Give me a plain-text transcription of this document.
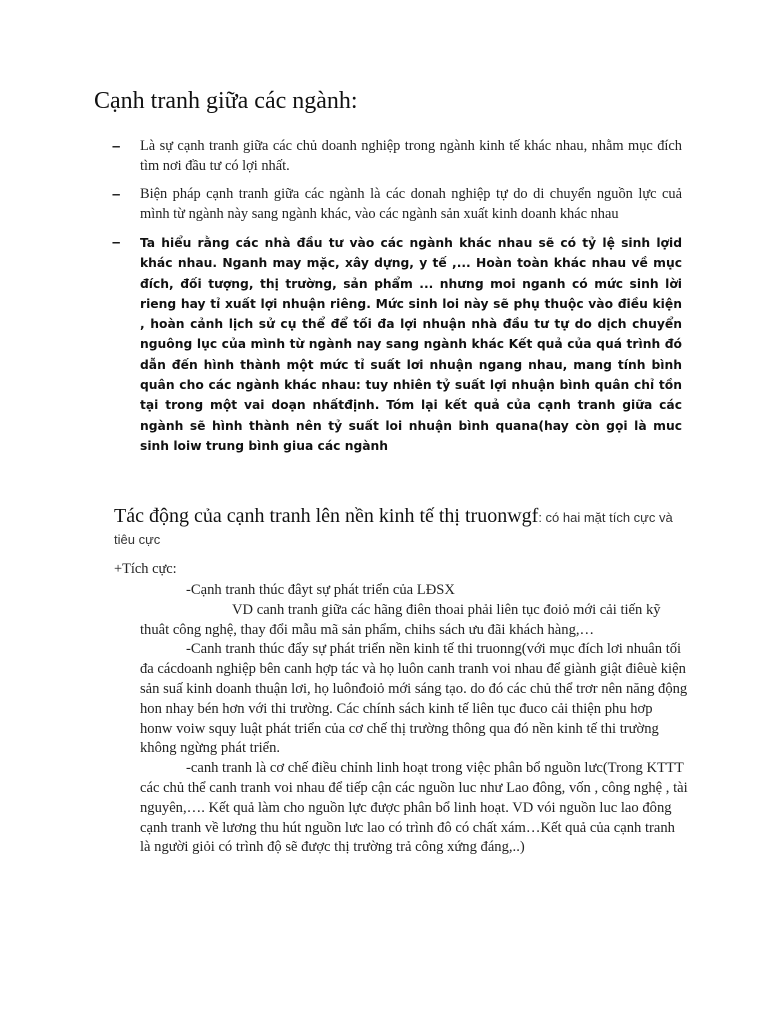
Cạnh tranh giữa các ngành:
– Là sự cạnh tranh giữa các chủ doanh nghiệp trong ngành kinh tế khác nhau, nhằm mục đích tìm nơi đầu tư có lợi nhất.
– Biện pháp cạnh tranh giữa các ngành là các donah nghiệp tự do di chuyển nguồn lực cuả mình từ ngành này sang ngành khác, vào các ngành sản xuất kinh doanh khác nhau
– Ta hiểu rằng các nhà đầu tư vào các ngành khác nhau sẽ có tỷ lệ sinh lợid khác nhau. Nganh may mặc, xây dựng, y tế ,... Hoàn toàn khác nhau về mục đích, đối tượng, thị trường, sản phẩm ... nhưng moi nganh có mức sinh lời rieng hay tỉ xuất lợi nhuận riêng. Mức sinh loi này sẽ phụ thuộc vào điều kiện , hoàn cảnh lịch sử cụ thể để tối đa lợi nhuận nhà đầu tư tự do dịch chuyển nguông lục của mình từ ngành nay sang ngành khác Kết quả của quá trình đó dẫn đến hình thành một mức tỉ suất lơi nhuận ngang nhau, mang tính bình quân cho các ngành khác nhau: tuy nhiên tỷ suất lợi nhuận bình quân chỉ tồn tại trong một vai doạn nhấtđịnh. Tóm lại kết quả của cạnh tranh giữa các ngành sẽ hình thành nên tỷ suất loi nhuận bình quana(hay còn gọi là muc sinh loiw trung bình giua các ngành
Tác động của cạnh tranh lên nền kinh tế thị truonwgf: có hai mặt tích cực và tiêu cực
+Tích cực:

-Cạnh tranh thúc đâyt sự phát triển của LĐSX

VD canh tranh giữa các hãng điên thoai phải liên tục đoiỏ mới cải tiến kỹ thuât công nghệ, thay đổi mẫu mã sản phẩm, chihs sách ưu đãi khách hàng,…

-Canh tranh thúc đẩy sự phát triển nền kinh tế thi truonng(với mục đích lơi nhuân tối đa cácdoanh nghiệp bên canh hợp tác và họ luôn canh tranh voi nhau để giành giật điêuè kiện sản suấ kinh doanh thuận lơi, họ luônđoiỏ mới sáng tạo. do đó các chủ thể trơr nên năng động hon nhay bén hơn với thi trường. Các chính sách kinh tế liên tục đuco cải thiện phu hơp honw voiw squy luật phát triển của cơ chế thị trường thông qua đó nền kinh tế thi trường không ngừng phát triển.

-canh tranh là cơ chế điều chỉnh linh hoạt trong việc phân bổ nguồn lưc(Trong KTTT các chủ thể canh tranh voi nhau để tiếp cận các nguồn luc như Lao đông, vốn , công nghệ , tài nguyên,…. Kết quả làm cho nguồn lực được phân bổ linh hoạt. VD vói nguồn luc lao đông cạnh tranh về lương thu hút nguồn lưc lao có trình đô có chất xám…Kết quả của cạnh tranh là người giỏi có trình độ sẽ được thị trường trả công xứng đáng,..)
